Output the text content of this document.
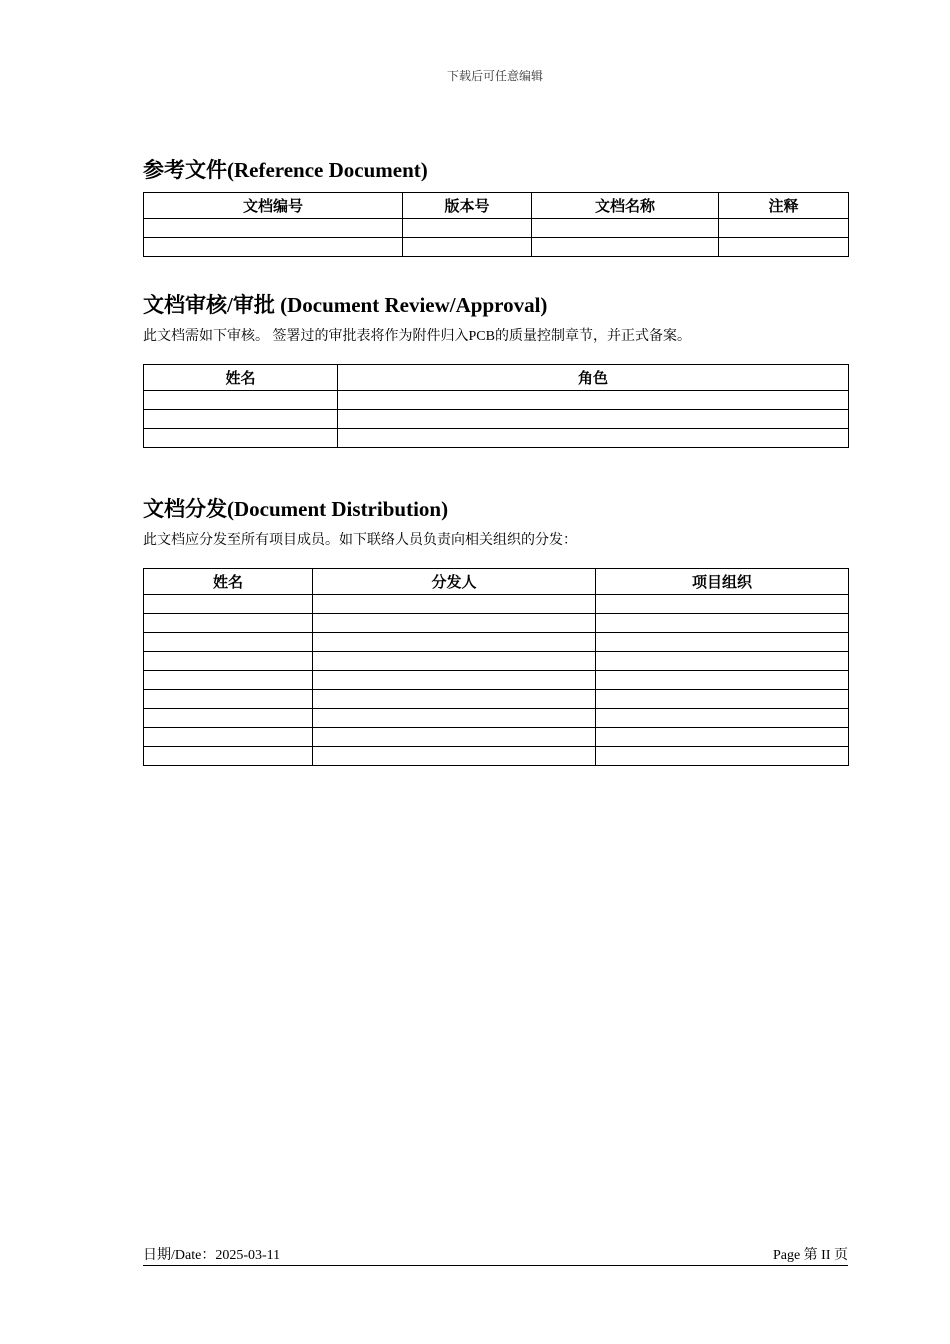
下载后可任意编辑
参考文件(Reference Document)
文档编号	版本号	文档名称	注释

文档审核/审批 (Document Review/Approval)

此文档需如下审核。 签署过的审批表将作为附件归入PCB的质量控制章节，并正式备案。

姓名	角色

文档分发(Document Distribution)

此文档应分发至所有项目成员。如下联络人员负责向相关组织的分发：

姓名	分发人	项目组织

日期/Date：2025-03-11	Page 第 II 页
